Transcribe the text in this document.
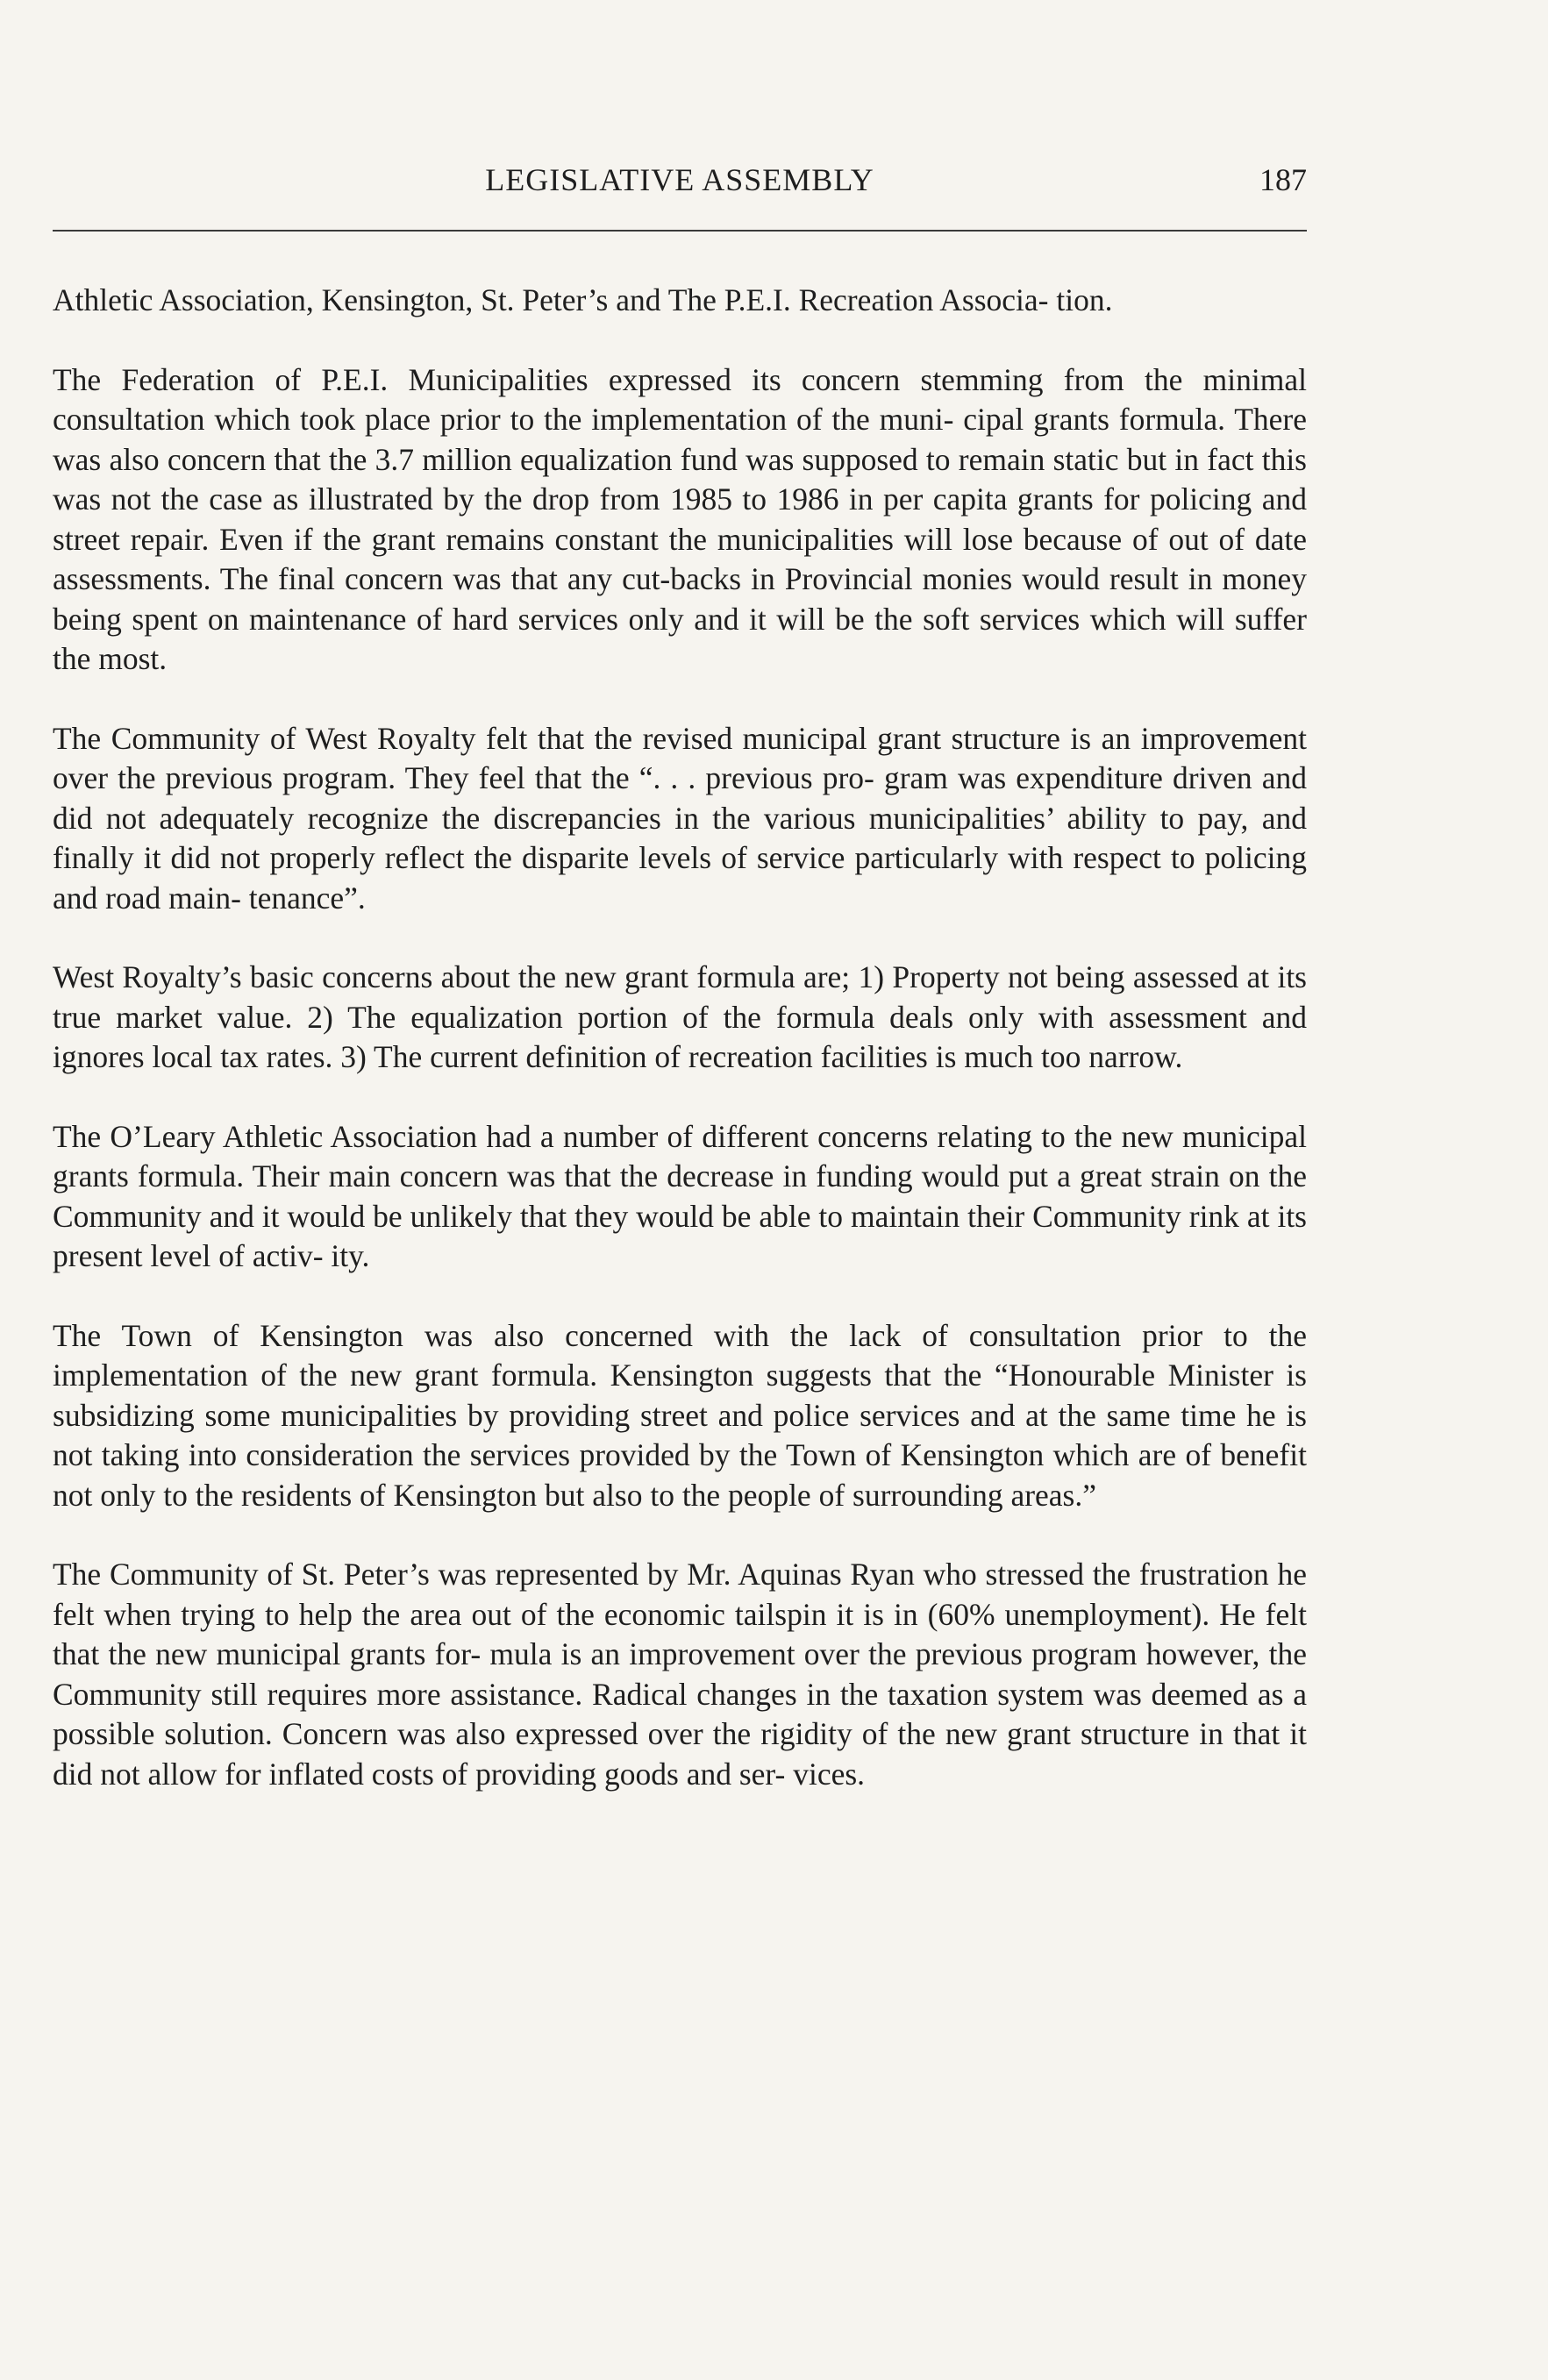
LEGISLATIVE ASSEMBLY	187

Athletic Association, Kensington, St. Peter’s and The P.E.I. Recreation Associa- tion.

The Federation of P.E.I. Municipalities expressed its concern stemming from the minimal consultation which took place prior to the implementation of the muni- cipal grants formula. There was also concern that the 3.7 million equalization fund was supposed to remain static but in fact this was not the case as illustrated by the drop from 1985 to 1986 in per capita grants for policing and street repair. Even if the grant remains constant the municipalities will lose because of out of date assessments. The final concern was that any cut-backs in Provincial monies would result in money being spent on maintenance of hard services only and it will be the soft services which will suffer the most.

The Community of West Royalty felt that the revised municipal grant structure is an improvement over the previous program. They feel that the “. . . previous pro- gram was expenditure driven and did not adequately recognize the discrepancies in the various municipalities’ ability to pay, and finally it did not properly reflect the disparite levels of service particularly with respect to policing and road main- tenance”.

West Royalty’s basic concerns about the new grant formula are; 1) Property not being assessed at its true market value. 2) The equalization portion of the formula deals only with assessment and ignores local tax rates. 3) The current definition of recreation facilities is much too narrow.

The O’Leary Athletic Association had a number of different concerns relating to the new municipal grants formula. Their main concern was that the decrease in funding would put a great strain on the Community and it would be unlikely that they would be able to maintain their Community rink at its present level of activ- ity.

The Town of Kensington was also concerned with the lack of consultation prior to the implementation of the new grant formula. Kensington suggests that the “Honourable Minister is subsidizing some municipalities by providing street and police services and at the same time he is not taking into consideration the services provided by the Town of Kensington which are of benefit not only to the residents of Kensington but also to the people of surrounding areas.”

The Community of St. Peter’s was represented by Mr. Aquinas Ryan who stressed the frustration he felt when trying to help the area out of the economic tailspin it is in (60% unemployment). He felt that the new municipal grants for- mula is an improvement over the previous program however, the Community still requires more assistance. Radical changes in the taxation system was deemed as a possible solution. Concern was also expressed over the rigidity of the new grant structure in that it did not allow for inflated costs of providing goods and ser- vices.
